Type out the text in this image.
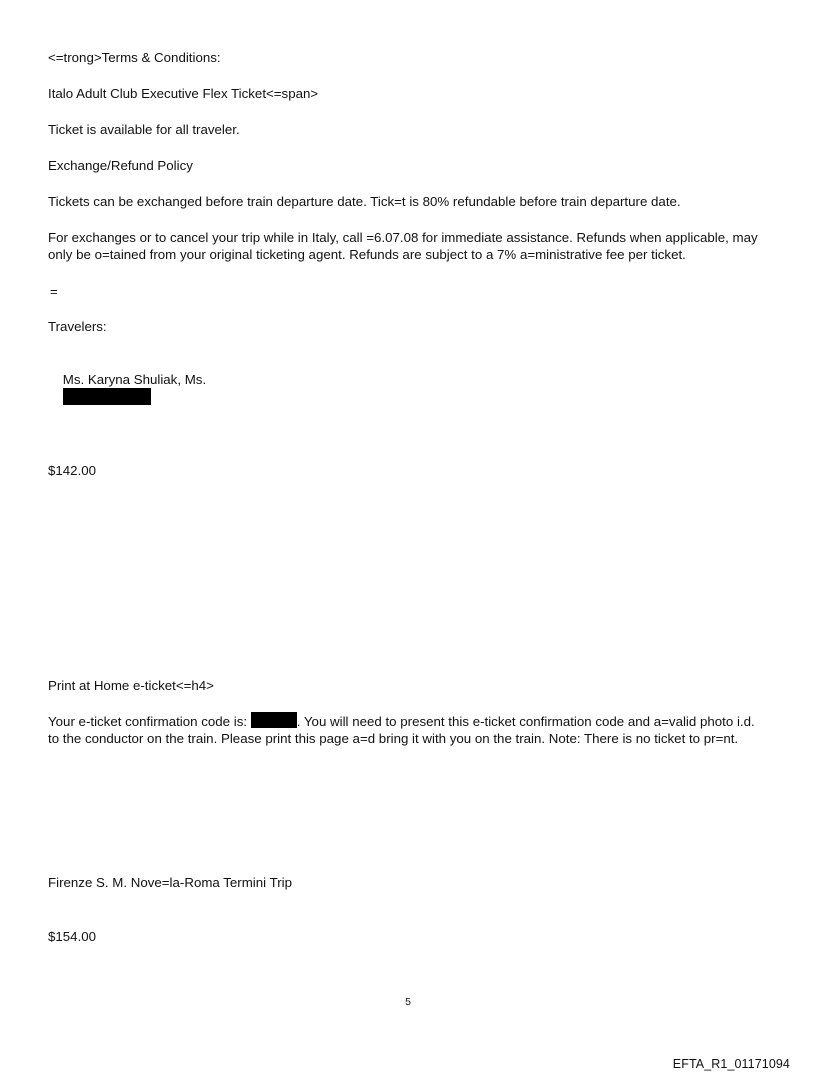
<=trong>Terms & Conditions:
Italo Adult Club Executive Flex Ticket<=span>
Ticket is available for all traveler.
Exchange/Refund Policy
Tickets can be exchanged before train departure date. Tick=t is 80% refundable before train departure date.
For exchanges or to cancel your trip while in Italy, call =6.07.08 for immediate assistance. Refunds when applicable, may only be o=tained from your original ticketing agent. Refunds are subject to a 7% a=ministrative fee per ticket.
=
Travelers:

Ms. Karyna Shuliak, Ms.

$142.00
Print at Home e-ticket<=h4>
Your e-ticket confirmation code is:	. You will need to present this e-ticket confirmation code and a=valid photo i.d. to the conductor on the train. Please print this page a=d bring it with you on the train. Note: There is no ticket to pr=nt.
Firenze S. M. Nove=la-Roma Termini Trip
$154.00
5
EFTA_R1_01171094
